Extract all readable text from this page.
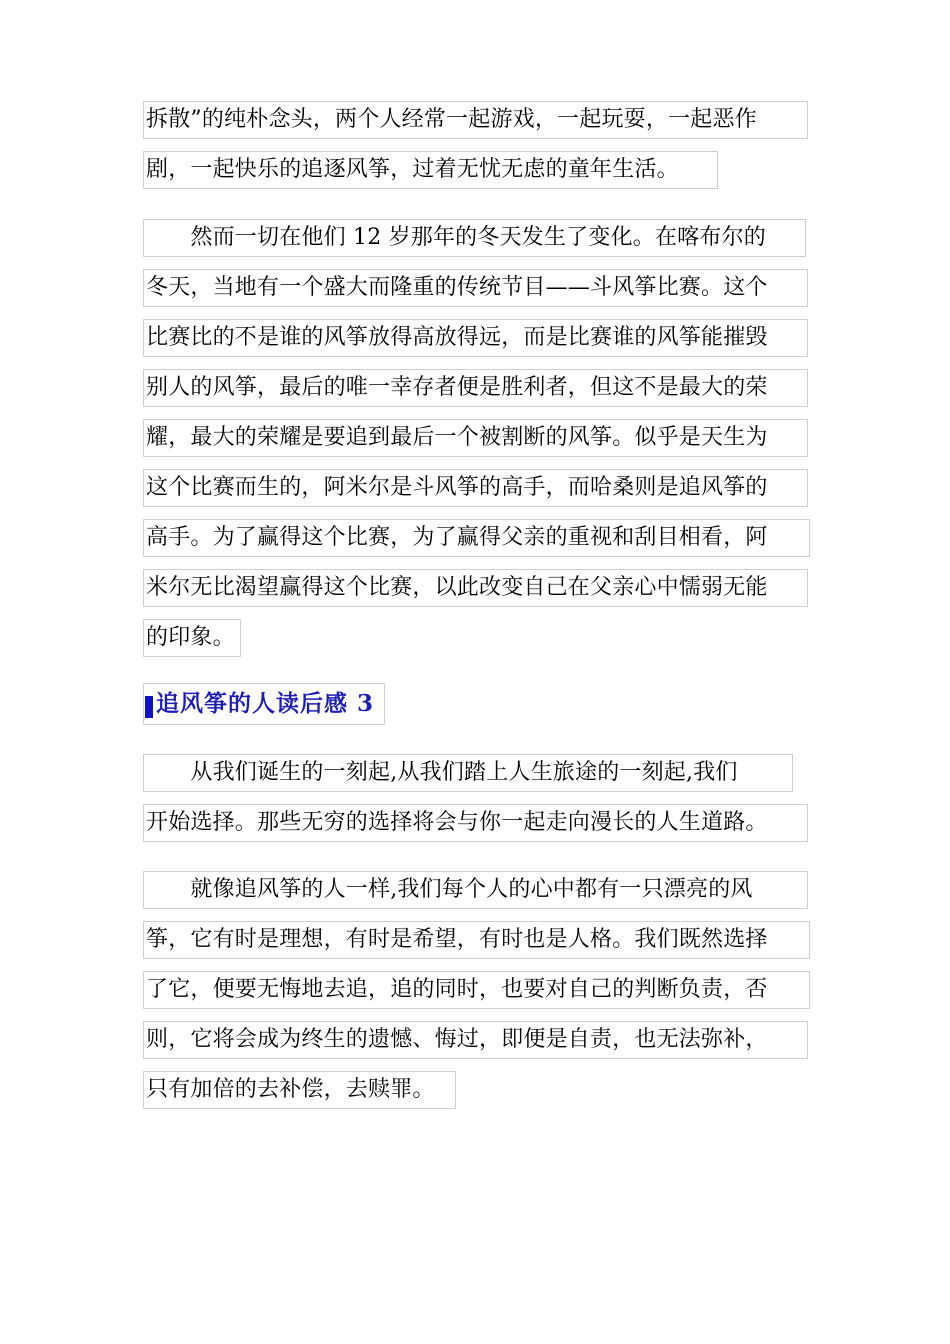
拆散”的纯朴念头，两个人经常一起游戏，一起玩耍，一起恶作
剧，一起快乐的追逐风筝，过着无忧无虑的童年生活。
　　然而一切在他们 12 岁那年的冬天发生了变化。在喀布尔的
冬天，当地有一个盛大而隆重的传统节目——斗风筝比赛。这个
比赛比的不是谁的风筝放得高放得远，而是比赛谁的风筝能摧毁
别人的风筝，最后的唯一幸存者便是胜利者，但这不是最大的荣
耀，最大的荣耀是要追到最后一个被割断的风筝。似乎是天生为
这个比赛而生的，阿米尔是斗风筝的高手，而哈桑则是追风筝的
高手。为了赢得这个比赛，为了赢得父亲的重视和刮目相看，阿
米尔无比渴望赢得这个比赛，以此改变自己在父亲心中懦弱无能
的印象。
追风筝的人读后感 3
　　从我们诞生的一刻起,从我们踏上人生旅途的一刻起,我们
开始选择。那些无穷的选择将会与你一起走向漫长的人生道路。
　　就像追风筝的人一样,我们每个人的心中都有一只漂亮的风
筝，它有时是理想，有时是希望，有时也是人格。我们既然选择
了它，便要无悔地去追，追的同时，也要对自己的判断负责，否
则，它将会成为终生的遗憾、悔过，即便是自责，也无法弥补，
只有加倍的去补偿，去赎罪。
